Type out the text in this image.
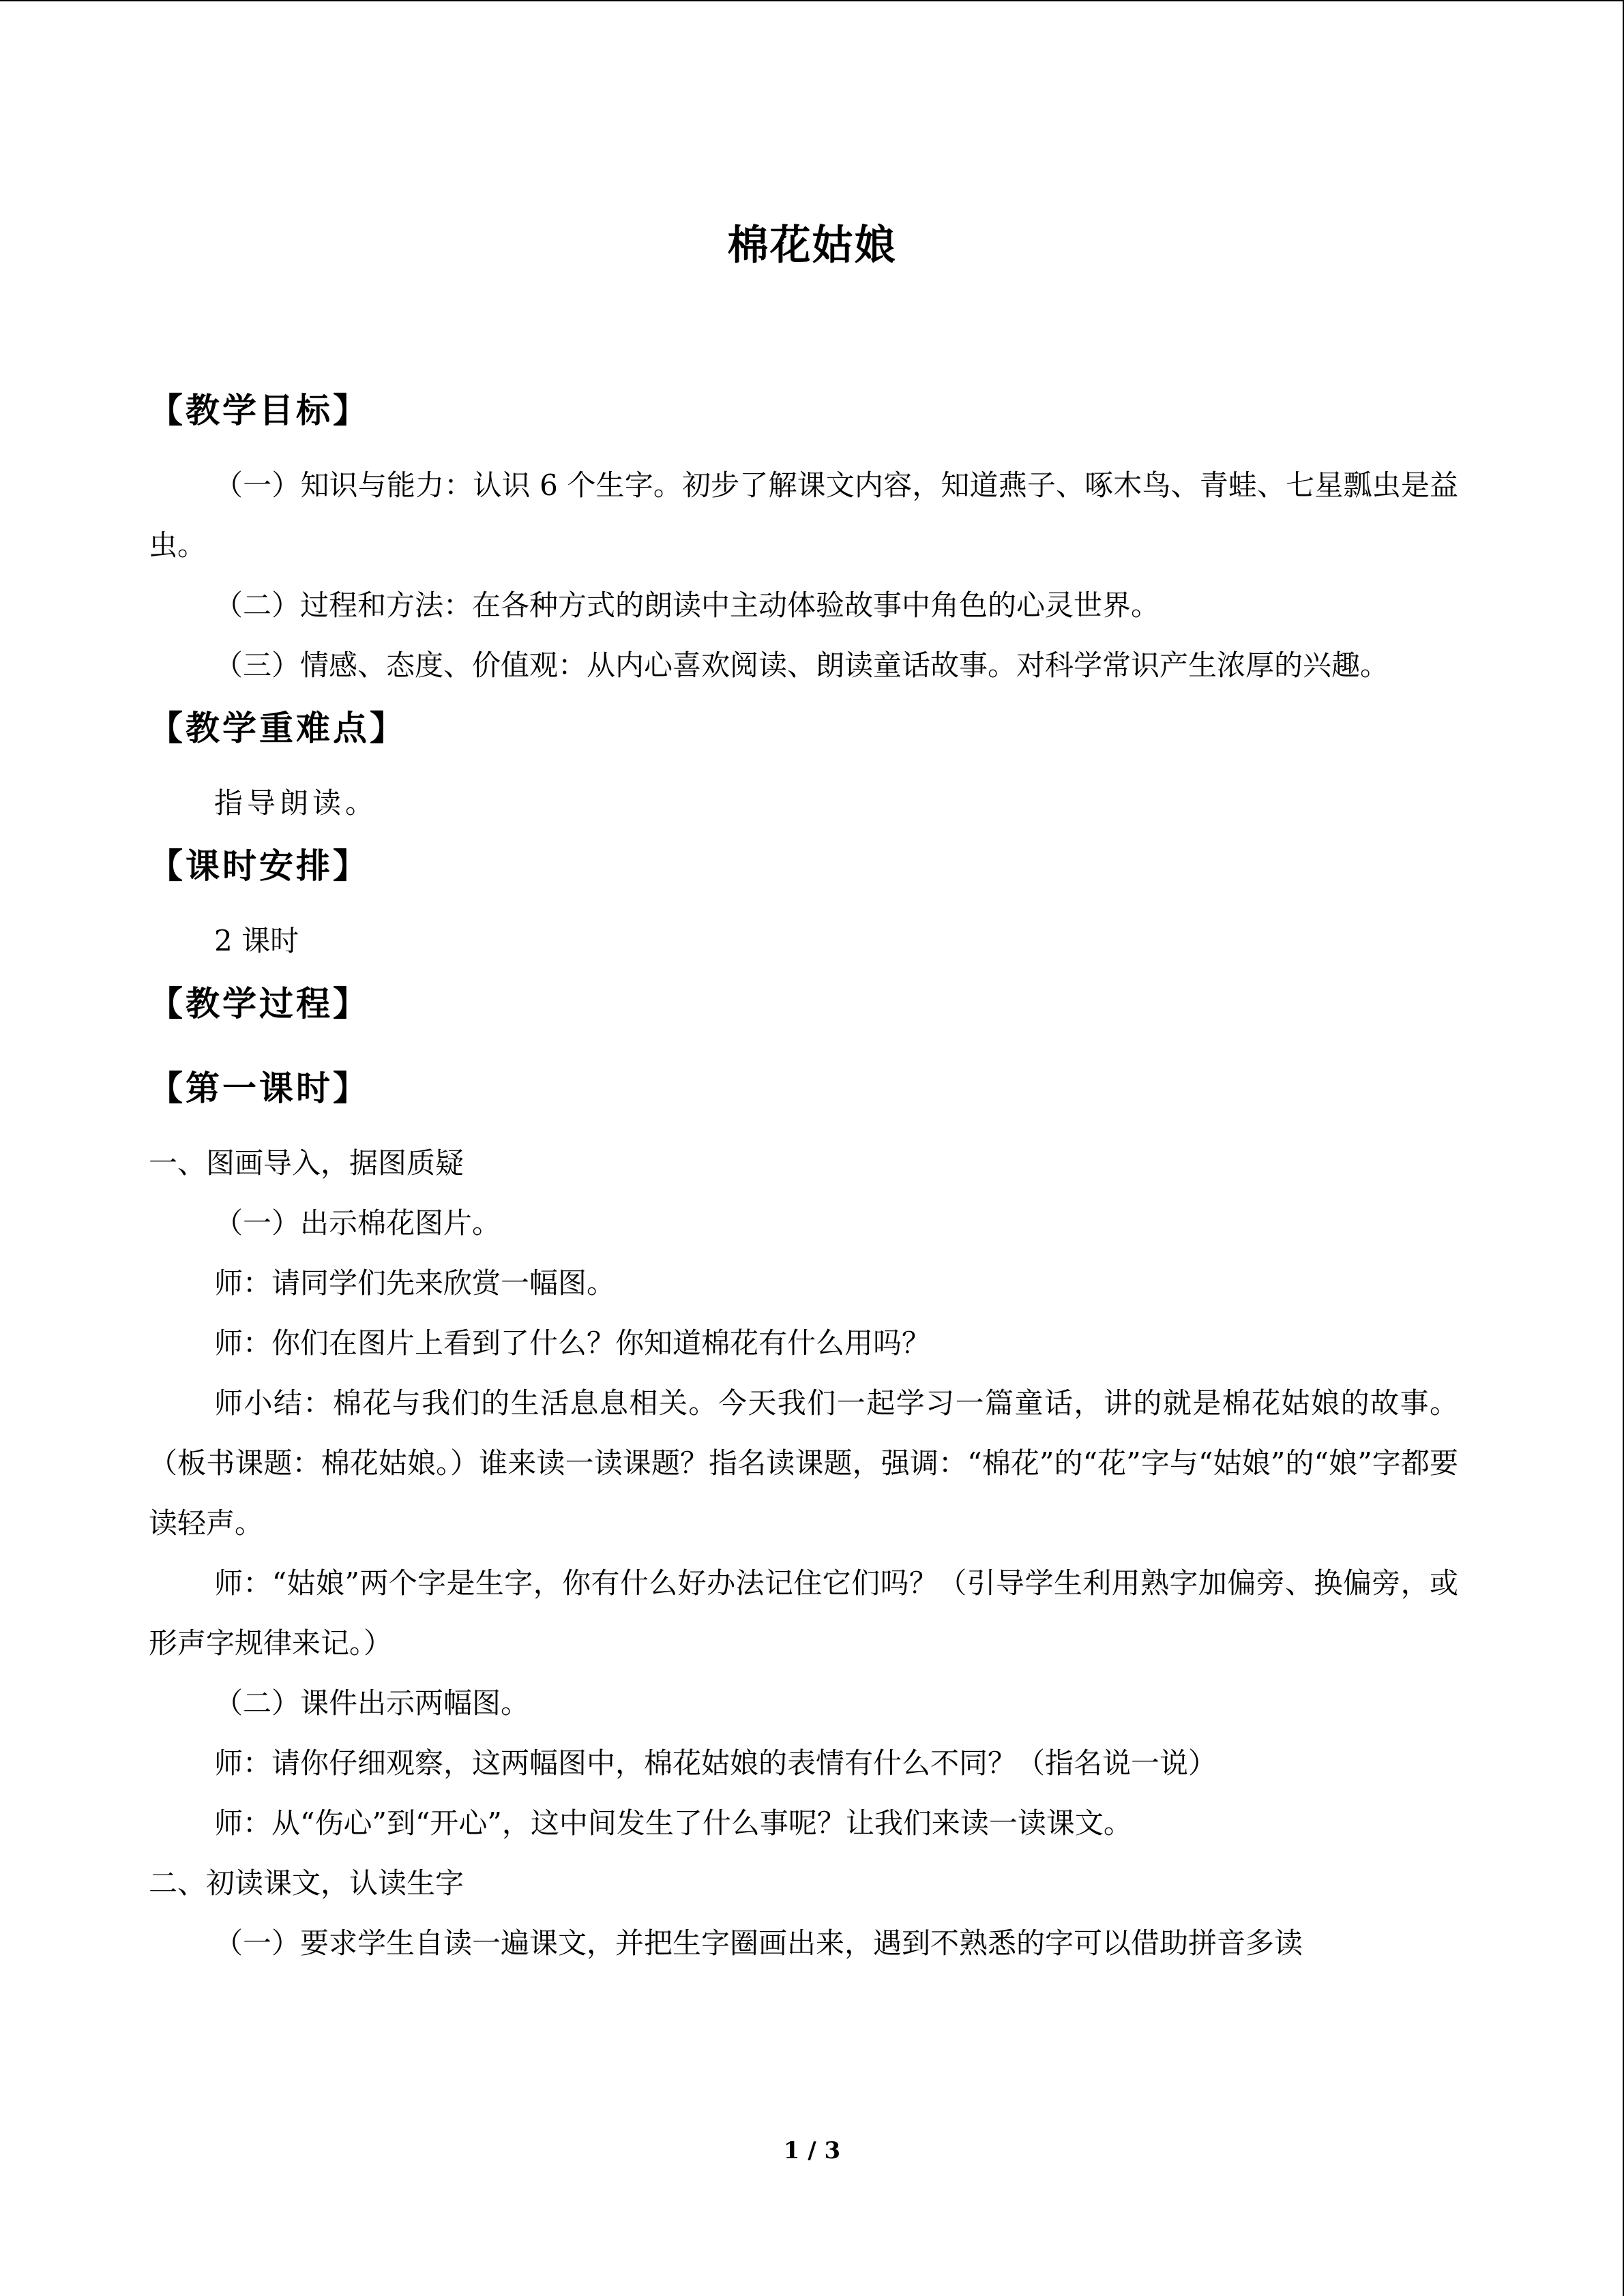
棉花姑娘
【教学目标】
（一）知识与能力：认识 6 个生字。初步了解课文内容，知道燕子、啄木鸟、青蛙、七星瓢虫是益虫。
（二）过程和方法：在各种方式的朗读中主动体验故事中角色的心灵世界。
（三）情感、态度、价值观：从内心喜欢阅读、朗读童话故事。对科学常识产生浓厚的兴趣。
【教学重难点】
指导朗读。
【课时安排】
2 课时
【教学过程】
【第一课时】
一、图画导入，据图质疑
（一）出示棉花图片。
师：请同学们先来欣赏一幅图。
师：你们在图片上看到了什么？你知道棉花有什么用吗？
师小结：棉花与我们的生活息息相关。今天我们一起学习一篇童话，讲的就是棉花姑娘的故事。（板书课题：棉花姑娘。）谁来读一读课题？指名读课题，强调：“棉花”的“花”字与“姑娘”的“娘”字都要读轻声。
师：“姑娘”两个字是生字，你有什么好办法记住它们吗？（引导学生利用熟字加偏旁、换偏旁，或形声字规律来记。）
（二）课件出示两幅图。
师：请你仔细观察，这两幅图中，棉花姑娘的表情有什么不同？（指名说一说）
师：从“伤心”到“开心”，这中间发生了什么事呢？让我们来读一读课文。
二、初读课文，认读生字
（一）要求学生自读一遍课文，并把生字圈画出来，遇到不熟悉的字可以借助拼音多读
1 / 3
